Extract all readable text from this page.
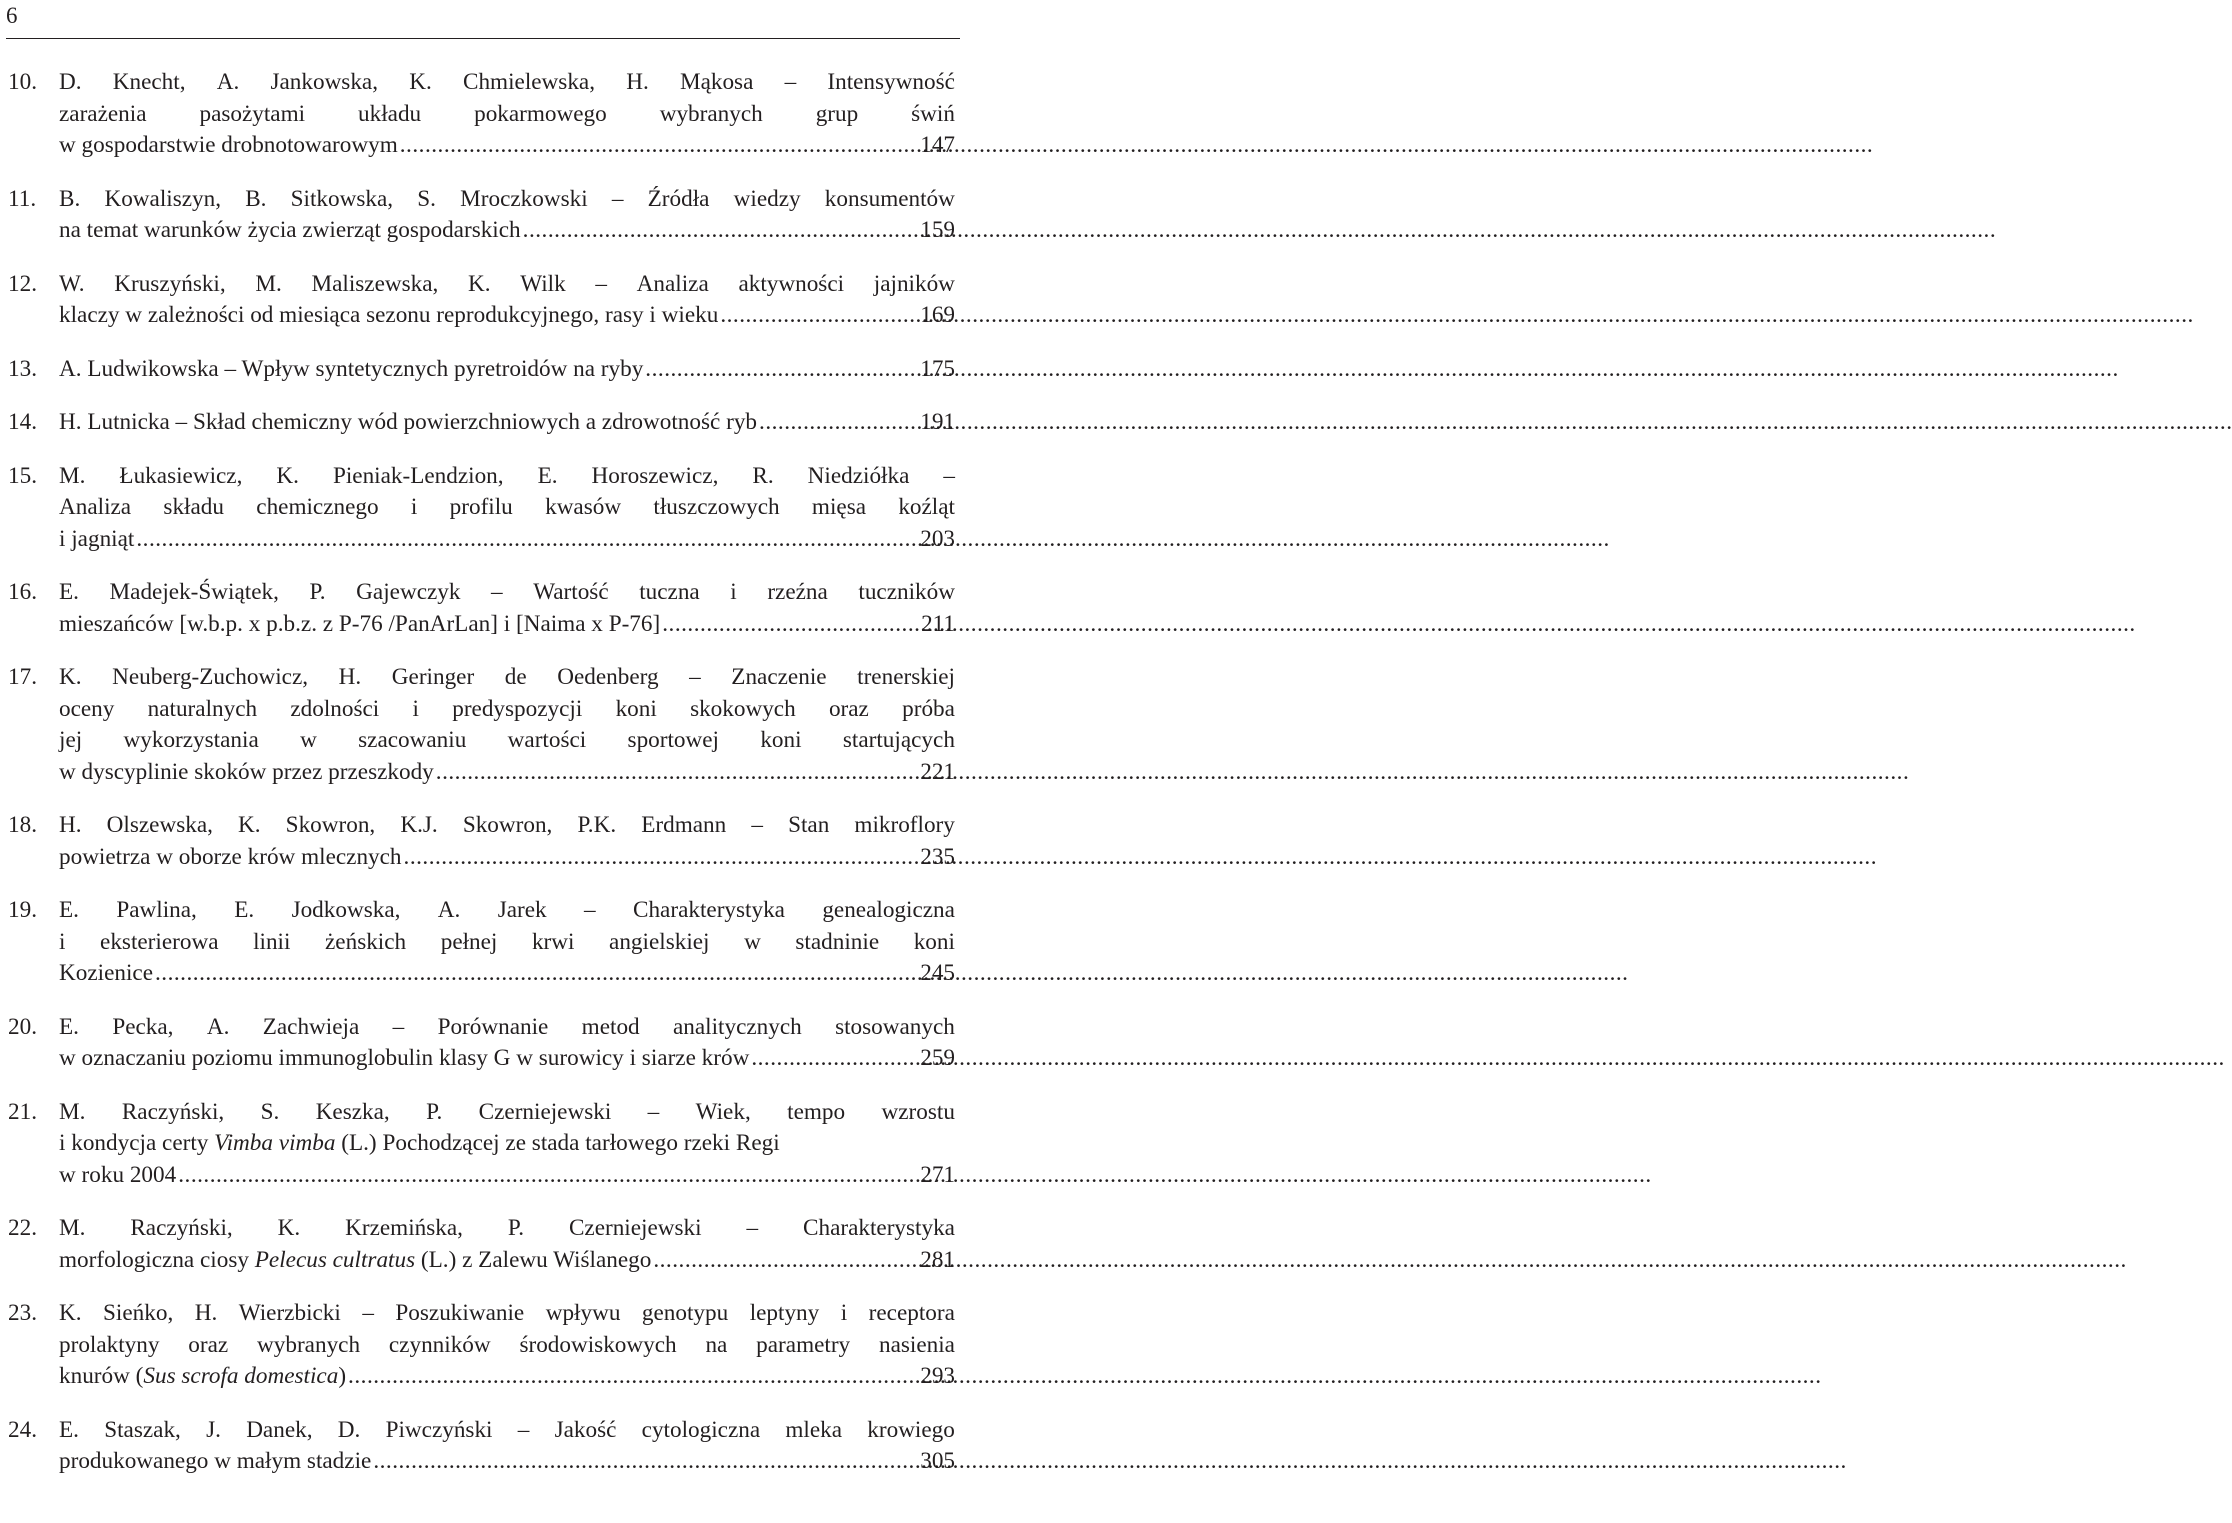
6
10. D. Knecht, A. Jankowska, K. Chmielewska, H. Mąkosa – Intensywność
zarażenia pasożytami układu pokarmowego wybranych grup świń
w gospodarstwie drobnotowarowym .....	147
11. B. Kowaliszyn, B. Sitkowska, S. Mroczkowski – Źródła wiedzy konsumentów
na temat warunków życia zwierząt gospodarskich .....	159
12. W. Kruszyński, M. Maliszewska, K. Wilk – Analiza aktywności jajników
klaczy w zależności od miesiąca sezonu reprodukcyjnego, rasy i wieku .....	169
13. A. Ludwikowska – Wpływ syntetycznych pyretroidów na ryby .....	175
14. H. Lutnicka – Skład chemiczny wód powierzchniowych a zdrowotność ryb .....	191
15. M. Łukasiewicz, K. Pieniak-Lendzion, E. Horoszewicz, R. Niedziółka –
Analiza składu chemicznego i profilu kwasów tłuszczowych mięsa koźląt
i jagniąt .....	203
16. E. Madejek-Świątek, P. Gajewczyk – Wartość tuczna i rzeźna tuczników
mieszańców [w.b.p. x p.b.z. z P-76 /PanArLan] i [Naima x P-76] .....	211
17. K. Neuberg-Zuchowicz, H. Geringer de Oedenberg – Znaczenie trenerskiej
oceny naturalnych zdolności i predyspozycji koni skokowych oraz próba
jej wykorzystania w szacowaniu wartości sportowej koni startujących
w dyscyplinie skoków przez przeszkody .....	221
18. H. Olszewska, K. Skowron, K.J. Skowron, P.K. Erdmann – Stan mikroflory
powietrza w oborze krów mlecznych .....	235
19. E. Pawlina, E. Jodkowska, A. Jarek – Charakterystyka genealogiczna
i eksterierowa linii żeńskich pełnej krwi angielskiej w stadninie koni
Kozienice .....	245
20. E. Pecka, A. Zachwieja – Porównanie metod analitycznych stosowanych
w oznaczaniu poziomu immunoglobulin klasy G w surowicy i siarze krów .....	259
21. M. Raczyński, S. Keszka, P. Czerniejewski – Wiek, tempo wzrostu
i kondycja certy Vimba vimba (L.) Pochodzącej ze stada tarłowego rzeki Regi
w roku 2004 .....	271
22. M. Raczyński, K. Krzemińska, P. Czerniejewski – Charakterystyka
morfologiczna ciosy Pelecus cultratus (L.) z Zalewu Wiślanego .....	281
23. K. Sieńko, H. Wierzbicki – Poszukiwanie wpływu genotypu leptyny i receptora
prolaktyny oraz wybranych czynników środowiskowych na parametry nasienia
knurów (Sus scrofa domestica) .....	293
24. E. Staszak, J. Danek, D. Piwczyński – Jakość cytologiczna mleka krowiego
produkowanego w małym stadzie .....	305
